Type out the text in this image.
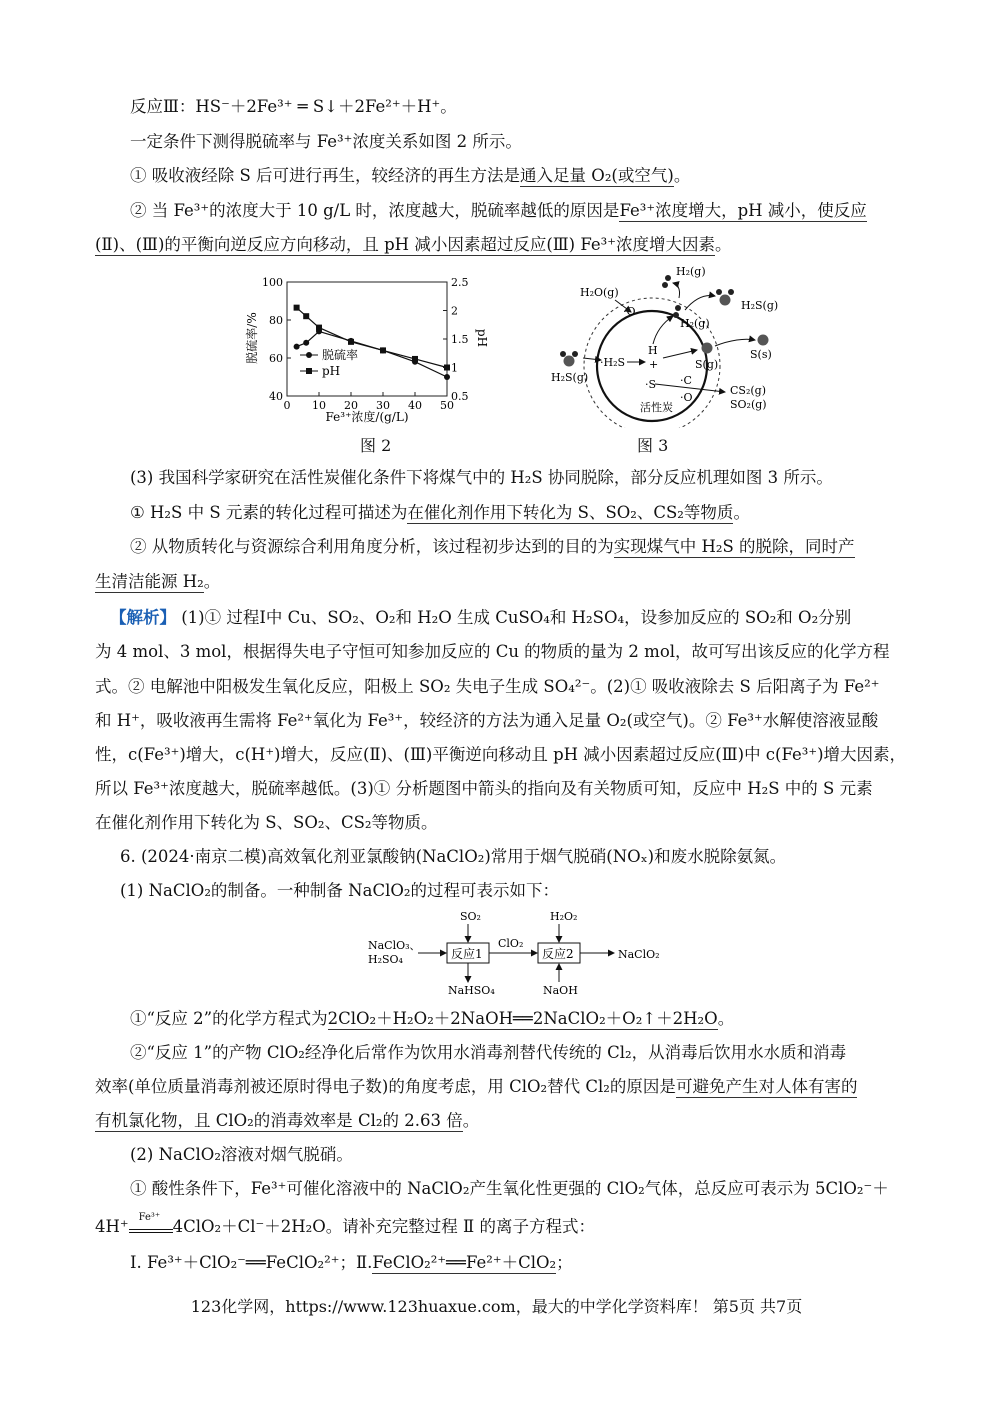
反应Ⅲ：HS⁻＋2Fe³⁺ ═ S↓＋2Fe²⁺＋H⁺。
一定条件下测得脱硫率与 Fe³⁺浓度关系如图 2 所示。
① 吸收液经除 S 后可进行再生，较经济的再生方法是通入足量 O₂(或空气)。
② 当 Fe³⁺的浓度大于 10 g/L 时，浓度越大，脱硫率越低的原因是Fe³⁺浓度增大，pH 减小，使反应
(Ⅱ)、(Ⅲ)的平衡向逆反应方向移动，且 pH 减小因素超过反应(Ⅲ) Fe³⁺浓度增大因素。
0 10 20 30 40 50
40
60
80
100
0.5
1
1.5
2
2.5
脱硫率/%	pH
Fe³⁺浓度/(g/L)
脱硫率
pH
图 2
活性炭
H₂(g)
H₂O(g)
·O
H₂(g)
H₂S(g)
S(s)
S(g)
H
+
H₂S(g)
·H₂S
·S ·C
·O
CS₂(g)
SO₂(g)
图 3
(3) 我国科学家研究在活性炭催化条件下将煤气中的 H₂S 协同脱除，部分反应机理如图 3 所示。
① H₂S 中 S 元素的转化过程可描述为在催化剂作用下转化为 S、SO₂、CS₂等物质。
② 从物质转化与资源综合利用角度分析，该过程初步达到的目的为实现煤气中 H₂S 的脱除，同时产
生清洁能源 H₂。
【解析】 (1)① 过程Ⅰ中 Cu、SO₂、O₂和 H₂O 生成 CuSO₄和 H₂SO₄，设参加反应的 SO₂和 O₂分别
为 4 mol、3 mol，根据得失电子守恒可知参加反应的 Cu 的物质的量为 2 mol，故可写出该反应的化学方程
式。② 电解池中阳极发生氧化反应，阳极上 SO₂ 失电子生成 SO₄²⁻。(2)① 吸收液除去 S 后阳离子为 Fe²⁺
和 H⁺，吸收液再生需将 Fe²⁺氧化为 Fe³⁺，较经济的方法为通入足量 O₂(或空气)。② Fe³⁺水解使溶液显酸
性，c(Fe³⁺)增大，c(H⁺)增大，反应(Ⅱ)、(Ⅲ)平衡逆向移动且 pH 减小因素超过反应(Ⅲ)中 c(Fe³⁺)增大因素，
所以 Fe³⁺浓度越大，脱硫率越低。(3)① 分析题图中箭头的指向及有关物质可知，反应中 H₂S 中的 S 元素
在催化剂作用下转化为 S、SO₂、CS₂等物质。
6. (2024·南京二模)高效氧化剂亚氯酸钠(NaClO₂)常用于烟气脱硝(NOₓ)和废水脱除氨氮。
(1) NaClO₂的制备。一种制备 NaClO₂的过程可表示如下：
SO₂	H₂O₂
NaClO₃、
H₂SO₄	反应1
ClO₂
反应2	NaClO₂
NaHSO₄	NaOH
①“反应 2”的化学方程式为2ClO₂＋H₂O₂＋2NaOH══2NaClO₂＋O₂↑＋2H₂O。
②“反应 1”的产物 ClO₂经净化后常作为饮用水消毒剂替代传统的 Cl₂，从消毒后饮用水水质和消毒
效率(单位质量消毒剂被还原时得电子数)的角度考虑，用 ClO₂替代 Cl₂的原因是可避免产生对人体有害的
有机氯化物，且 ClO₂的消毒效率是 Cl₂的 2.63 倍。
(2) NaClO₂溶液对烟气脱硝。
① 酸性条件下，Fe³⁺可催化溶液中的 NaClO₂产生氧化性更强的 ClO₂气体，总反应可表示为 5ClO₂⁻＋
4H⁺ Fe³⁺ 4ClO₂＋Cl⁻＋2H₂O。请补充完整过程 Ⅱ 的离子方程式：
Ⅰ. Fe³⁺＋ClO₂⁻══FeClO₂²⁺；Ⅱ.FeClO₂²⁺══Fe²⁺＋ClO₂；
123化学网，https://www.123huaxue.com，最大的中学化学资料库！ 第5页 共7页
